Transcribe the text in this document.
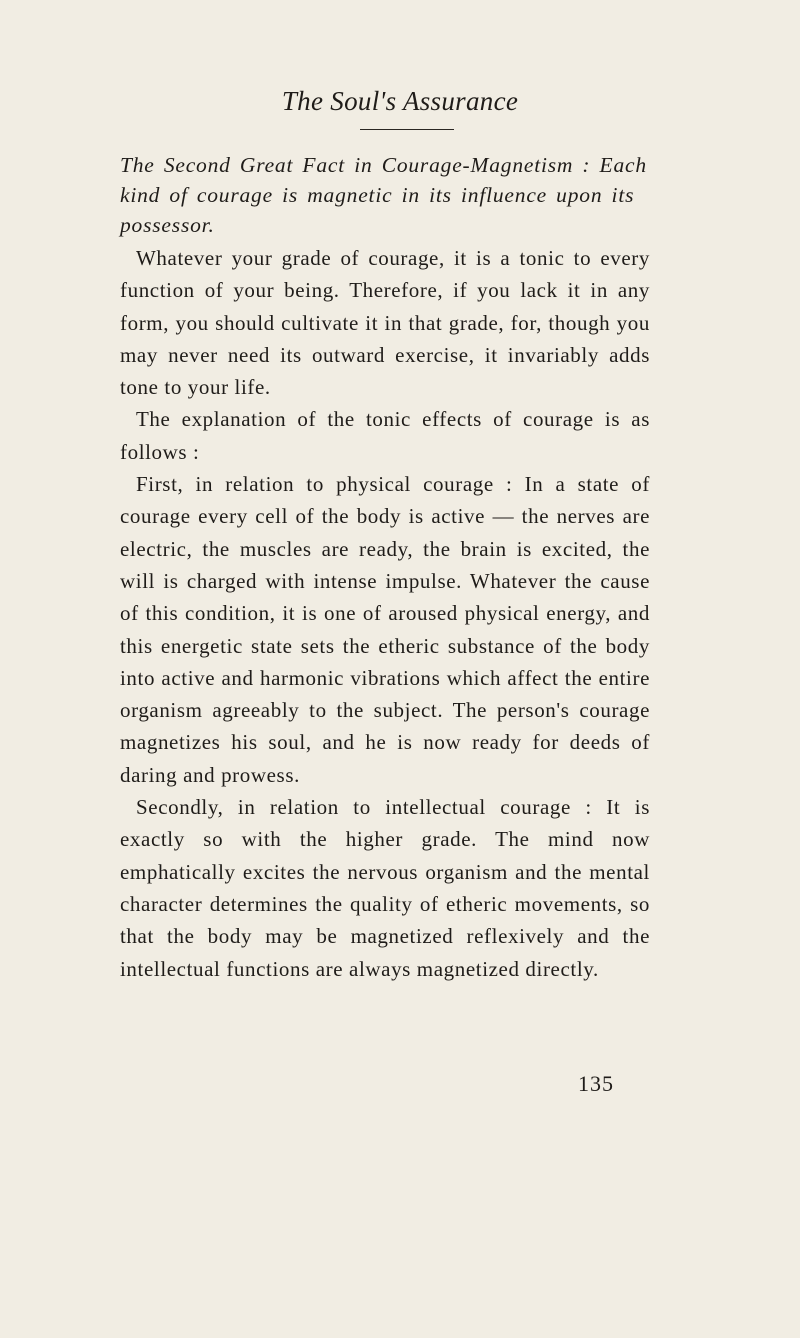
The Soul's Assurance

The Second Great Fact in Courage-Magnetism : Each kind of courage is magnetic in its influence upon its possessor.

Whatever your grade of courage, it is a tonic to every function of your being. Therefore, if you lack it in any form, you should cultivate it in that grade, for, though you may never need its outward exercise, it invariably adds tone to your life.

The explanation of the tonic effects of courage is as follows :

First, in relation to physical courage : In a state of courage every cell of the body is active — the nerves are electric, the muscles are ready, the brain is excited, the will is charged with intense impulse. Whatever the cause of this condition, it is one of aroused physical energy, and this energetic state sets the etheric substance of the body into active and harmonic vibrations which affect the entire organism agreeably to the subject. The person's courage magnetizes his soul, and he is now ready for deeds of daring and prowess.

Secondly, in relation to intellectual courage : It is exactly so with the higher grade. The mind now emphatically excites the nervous organism and the mental character determines the quality of etheric movements, so that the body may be magnetized reflexively and the intellectual functions are always magnetized directly.

135
